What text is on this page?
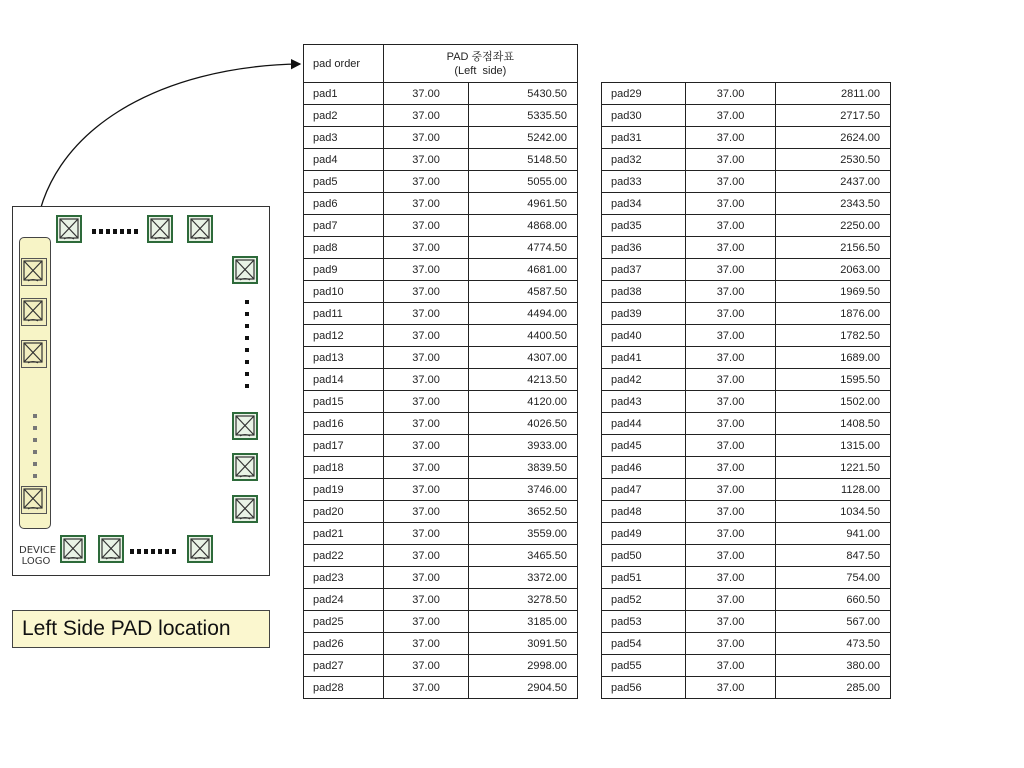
DEVICE
LOGO
Left Side PAD location
pad order	PAD 중점좌표
(Left  side)	
pad1	37.00	5430.50
pad2	37.00	5335.50
pad3	37.00	5242.00
pad4	37.00	5148.50
pad5	37.00	5055.00
pad6	37.00	4961.50
pad7	37.00	4868.00
pad8	37.00	4774.50
pad9	37.00	4681.00
pad10	37.00	4587.50
pad11	37.00	4494.00
pad12	37.00	4400.50
pad13	37.00	4307.00
pad14	37.00	4213.50
pad15	37.00	4120.00
pad16	37.00	4026.50
pad17	37.00	3933.00
pad18	37.00	3839.50
pad19	37.00	3746.00
pad20	37.00	3652.50
pad21	37.00	3559.00
pad22	37.00	3465.50
pad23	37.00	3372.00
pad24	37.00	3278.50
pad25	37.00	3185.00
pad26	37.00	3091.50
pad27	37.00	2998.00
pad28	37.00	2904.50
pad29	37.00	2811.00
pad30	37.00	2717.50
pad31	37.00	2624.00
pad32	37.00	2530.50
pad33	37.00	2437.00
pad34	37.00	2343.50
pad35	37.00	2250.00
pad36	37.00	2156.50
pad37	37.00	2063.00
pad38	37.00	1969.50
pad39	37.00	1876.00
pad40	37.00	1782.50
pad41	37.00	1689.00
pad42	37.00	1595.50
pad43	37.00	1502.00
pad44	37.00	1408.50
pad45	37.00	1315.00
pad46	37.00	1221.50
pad47	37.00	1128.00
pad48	37.00	1034.50
pad49	37.00	941.00
pad50	37.00	847.50
pad51	37.00	754.00
pad52	37.00	660.50
pad53	37.00	567.00
pad54	37.00	473.50
pad55	37.00	380.00
pad56	37.00	285.00
